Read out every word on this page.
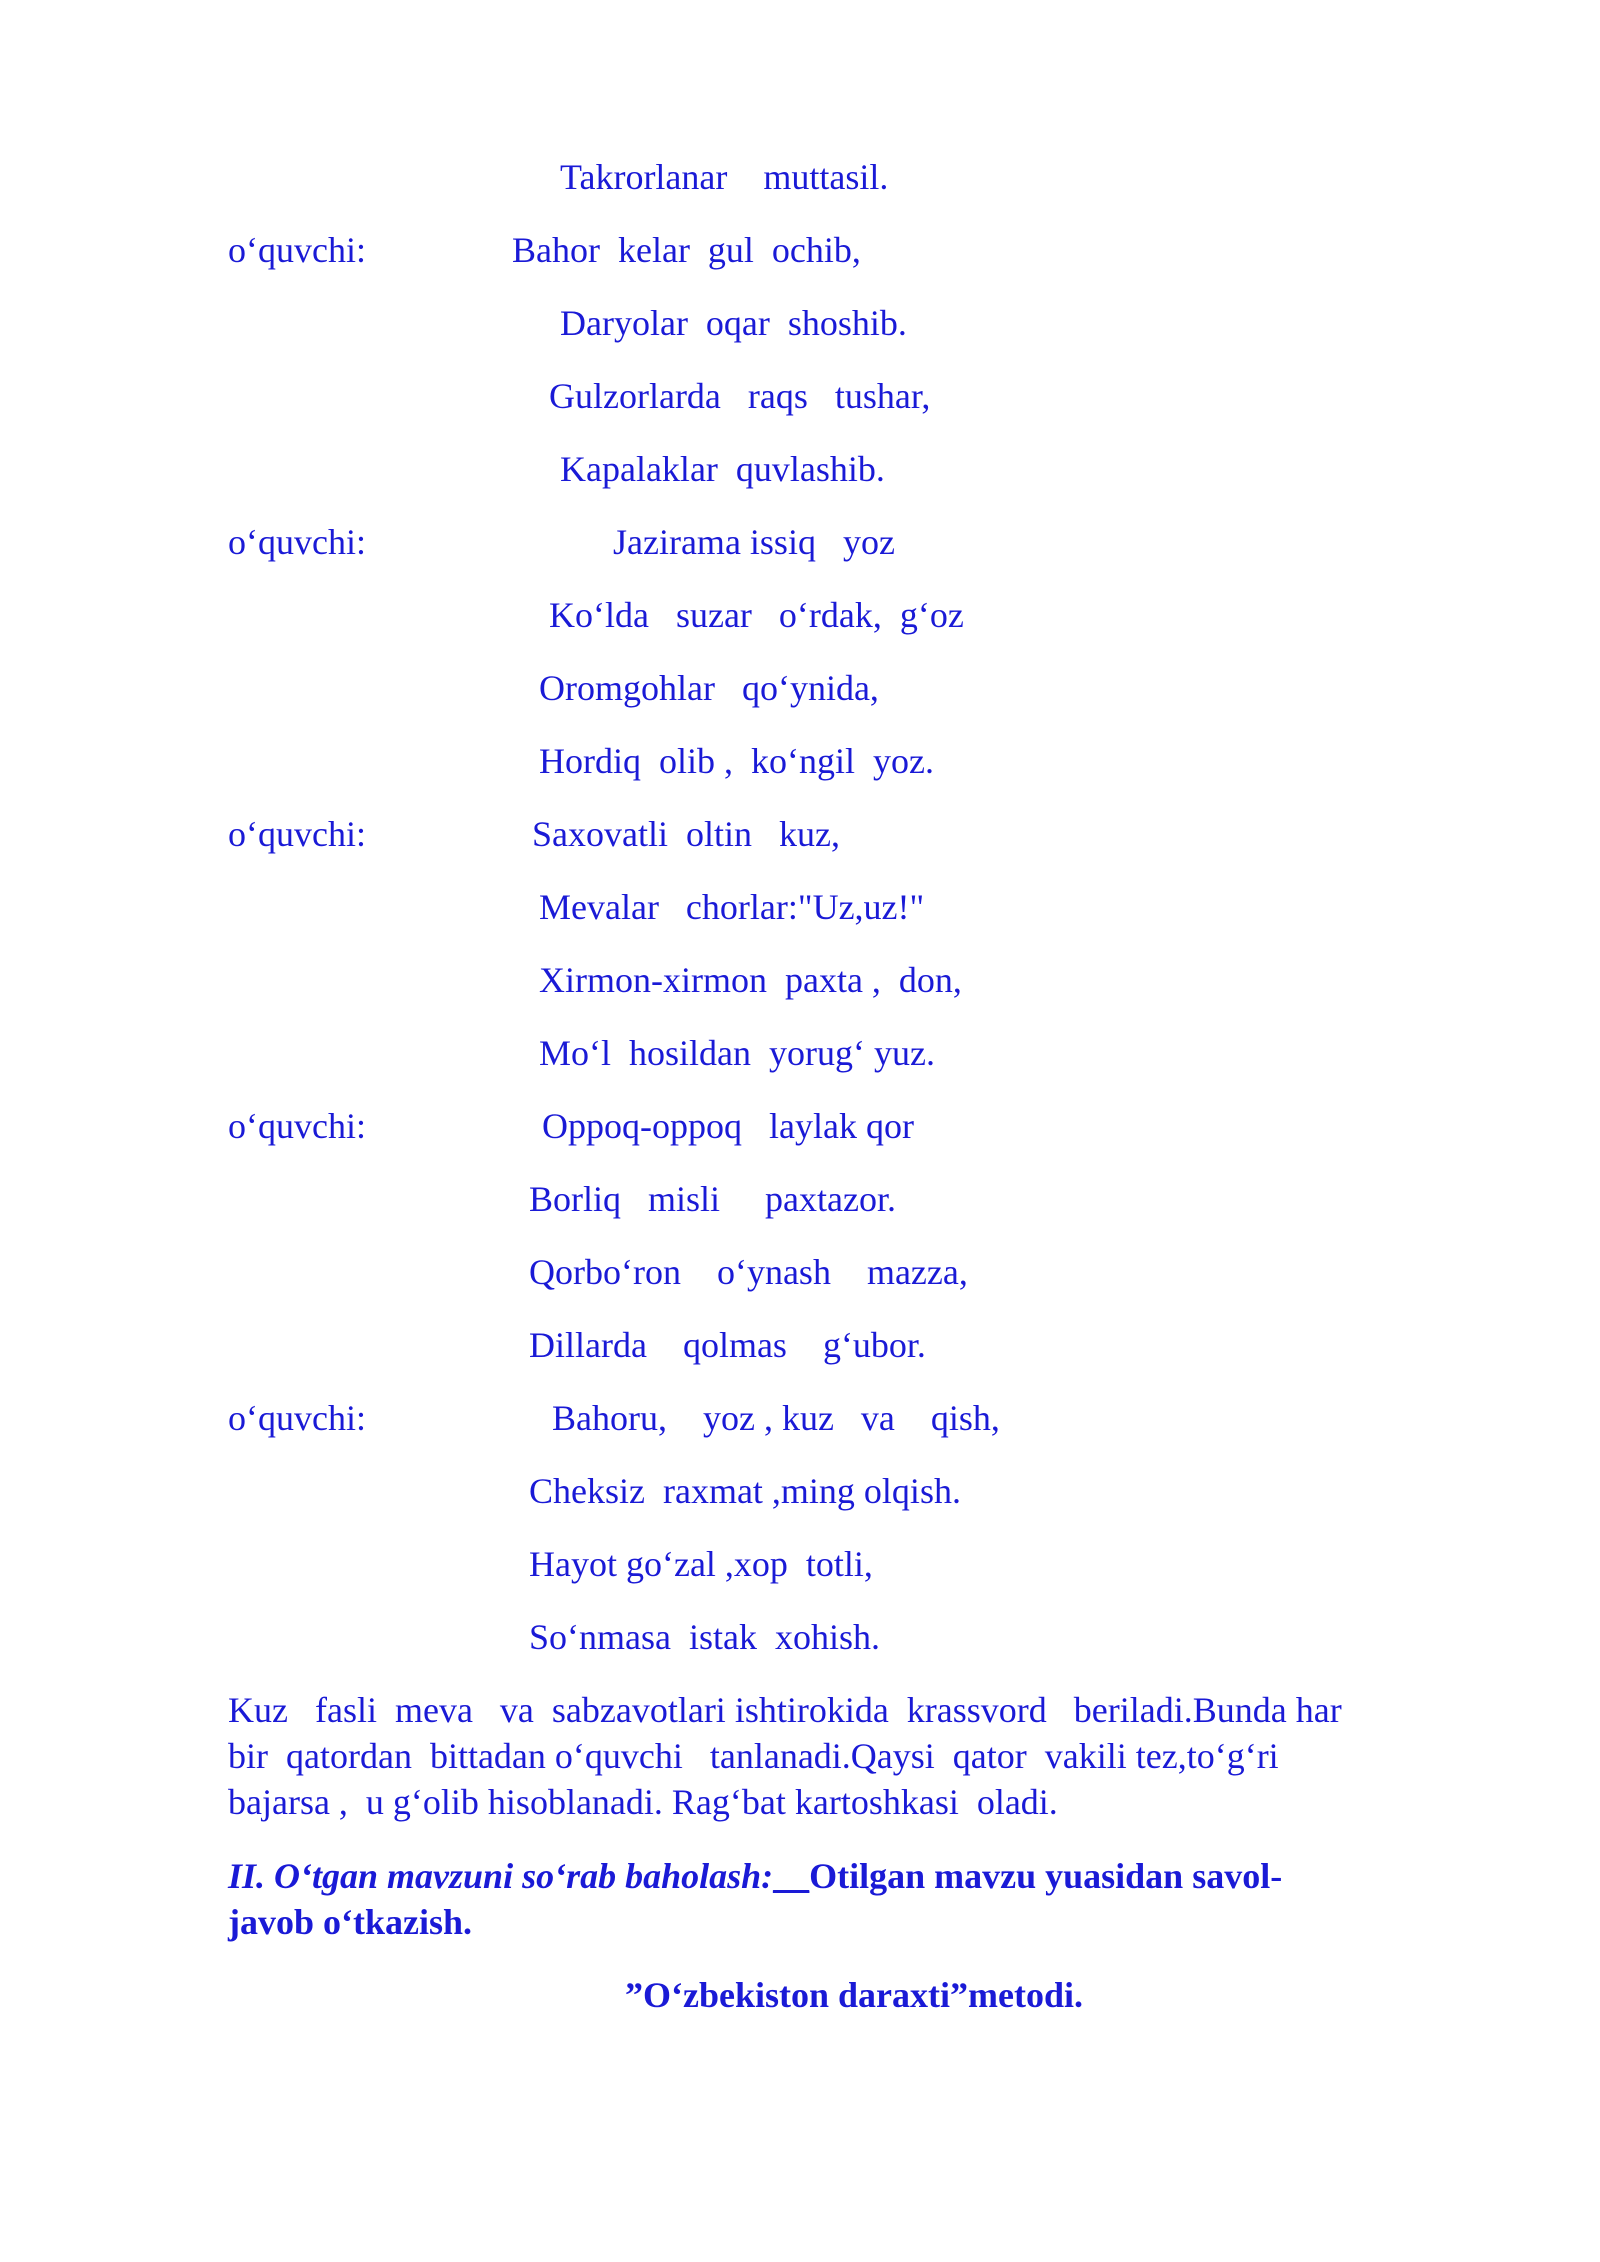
Takrorlanar    muttasil.
o‘quvchi:	Bahor  kelar  gul  ochib,
Daryolar  oqar  shoshib.
Gulzorlarda   raqs   tushar,
Kapalaklar  quvlashib.
o‘quvchi:	Jazirama issiq   yoz
Ko‘lda   suzar   o‘rdak,  g‘oz
Oromgohlar   qo‘ynida,
Hordiq  olib ,  ko‘ngil  yoz.
o‘quvchi:	Saxovatli  oltin   kuz,
Mevalar   chorlar:"Uz,uz!"
Xirmon-xirmon  paxta ,  don,
Mo‘l  hosildan  yorug‘ yuz.
o‘quvchi:	Oppoq-oppoq   laylak qor
Borliq   misli     paxtazor.
Qorbo‘ron    o‘ynash    mazza,
Dillarda    qolmas    g‘ubor.
o‘quvchi:	Bahoru,    yoz , kuz   va    qish,
Cheksiz  raxmat ,ming olqish.
Hayot go‘zal ,xop  totli,
So‘nmasa  istak  xohish.
Kuz   fasli  meva   va  sabzavotlari ishtirokida  krassvord   beriladi.Bunda har
bir  qatordan  bittadan o‘quvchi   tanlanadi.Qaysi  qator  vakili tez,to‘g‘ri
bajarsa ,  u g‘olib hisoblanadi. Rag‘bat kartoshkasi  oladi.
II. O‘tgan mavzuni so‘rab baholash:__Otilgan mavzu yuasidan savol-
javob o‘tkazish.
”O‘zbekiston daraxti”metodi.
